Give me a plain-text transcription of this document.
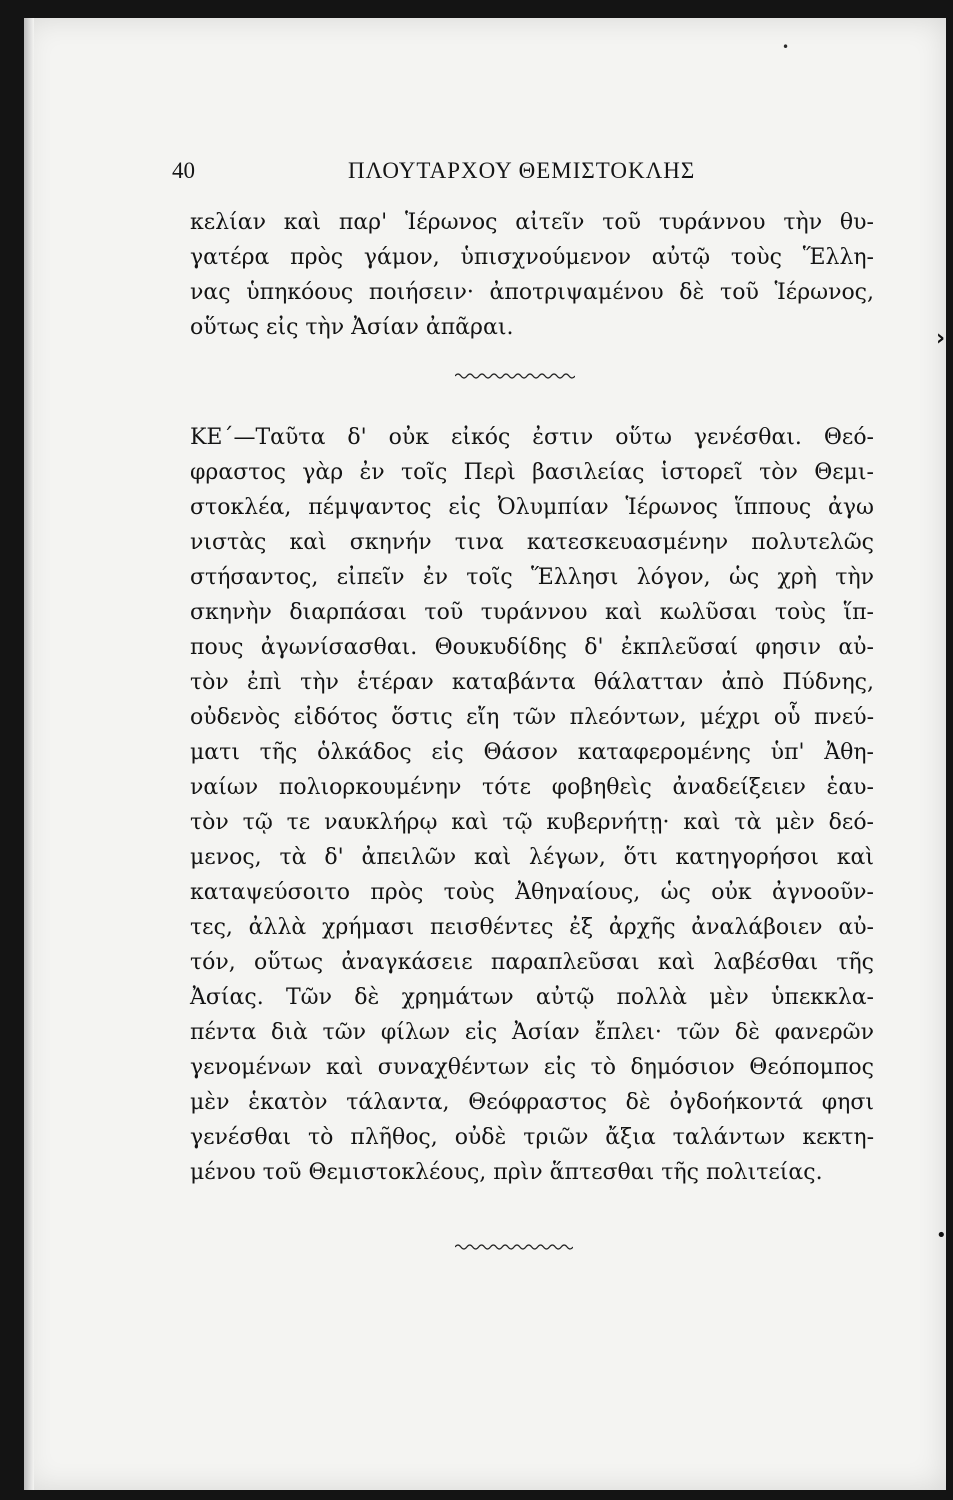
•
›
•
40	ΠΛΟΥΤΑΡΧΟΥ ΘΕΜΙΣΤΟΚΛΗΣ
κελίαν καὶ παρ' Ἱέρωνος αἰτεῖν τοῦ τυράννου τὴν θυ-
γατέρα πρὸς γάμον, ὑπισχνούμενον αὐτῷ τοὺς Ἕλλη-
νας ὑπηκόους ποιήσειν· ἀποτριψαμένου δὲ τοῦ Ἱέρωνος,
οὕτως εἰς τὴν Ἀσίαν ἀπᾶραι.
ΚΕ΄—Ταῦτα δ' οὐκ εἰκός ἐστιν οὕτω γενέσθαι. Θεό-
φραστος γὰρ ἐν τοῖς Περὶ βασιλείας ἱστορεῖ τὸν Θεμι-
στοκλέα, πέμψαντος εἰς Ὀλυμπίαν Ἱέρωνος ἵππους ἀγω
νιστὰς καὶ σκηνήν τινα κατεσκευασμένην πολυτελῶς
στήσαντος, εἰπεῖν ἐν τοῖς Ἕλλησι λόγον, ὡς χρὴ τὴν
σκηνὴν διαρπάσαι τοῦ τυράννου καὶ κωλῦσαι τοὺς ἵπ-
πους ἀγωνίσασθαι. Θουκυδίδης δ' ἐκπλεῦσαί φησιν αὐ-
τὸν ἐπὶ τὴν ἑτέραν καταβάντα θάλατταν ἀπὸ Πύδνης,
οὐδενὸς εἰδότος ὅστις εἴη τῶν πλεόντων, μέχρι οὗ πνεύ-
ματι τῆς ὁλκάδος εἰς Θάσον καταφερομένης ὑπ' Ἀθη-
ναίων πολιορκουμένην τότε φοβηθεὶς ἀναδείξειεν ἑαυ-
τὸν τῷ τε ναυκλήρῳ καὶ τῷ κυβερνήτῃ· καὶ τὰ μὲν δεό-
μενος, τὰ δ' ἀπειλῶν καὶ λέγων, ὅτι κατηγορήσοι καὶ
καταψεύσοιτο πρὸς τοὺς Ἀθηναίους, ὡς οὐκ ἀγνοοῦν-
τες, ἀλλὰ χρήμασι πεισθέντες ἐξ ἀρχῆς ἀναλάβοιεν αὐ-
τόν, οὕτως ἀναγκάσειε παραπλεῦσαι καὶ λαβέσθαι τῆς
Ἀσίας. Τῶν δὲ χρημάτων αὐτῷ πολλὰ μὲν ὑπεκκλα-
πέντα διὰ τῶν φίλων εἰς Ἀσίαν ἔπλει· τῶν δὲ φανερῶν
γενομένων καὶ συναχθέντων εἰς τὸ δημόσιον Θεόπομπος
μὲν ἑκατὸν τάλαντα, Θεόφραστος δὲ ὀγδοήκοντά φησι
γενέσθαι τὸ πλῆθος, οὐδὲ τριῶν ἄξια ταλάντων κεκτη-
μένου τοῦ Θεμιστοκλέους, πρὶν ἅπτεσθαι τῆς πολιτείας.
